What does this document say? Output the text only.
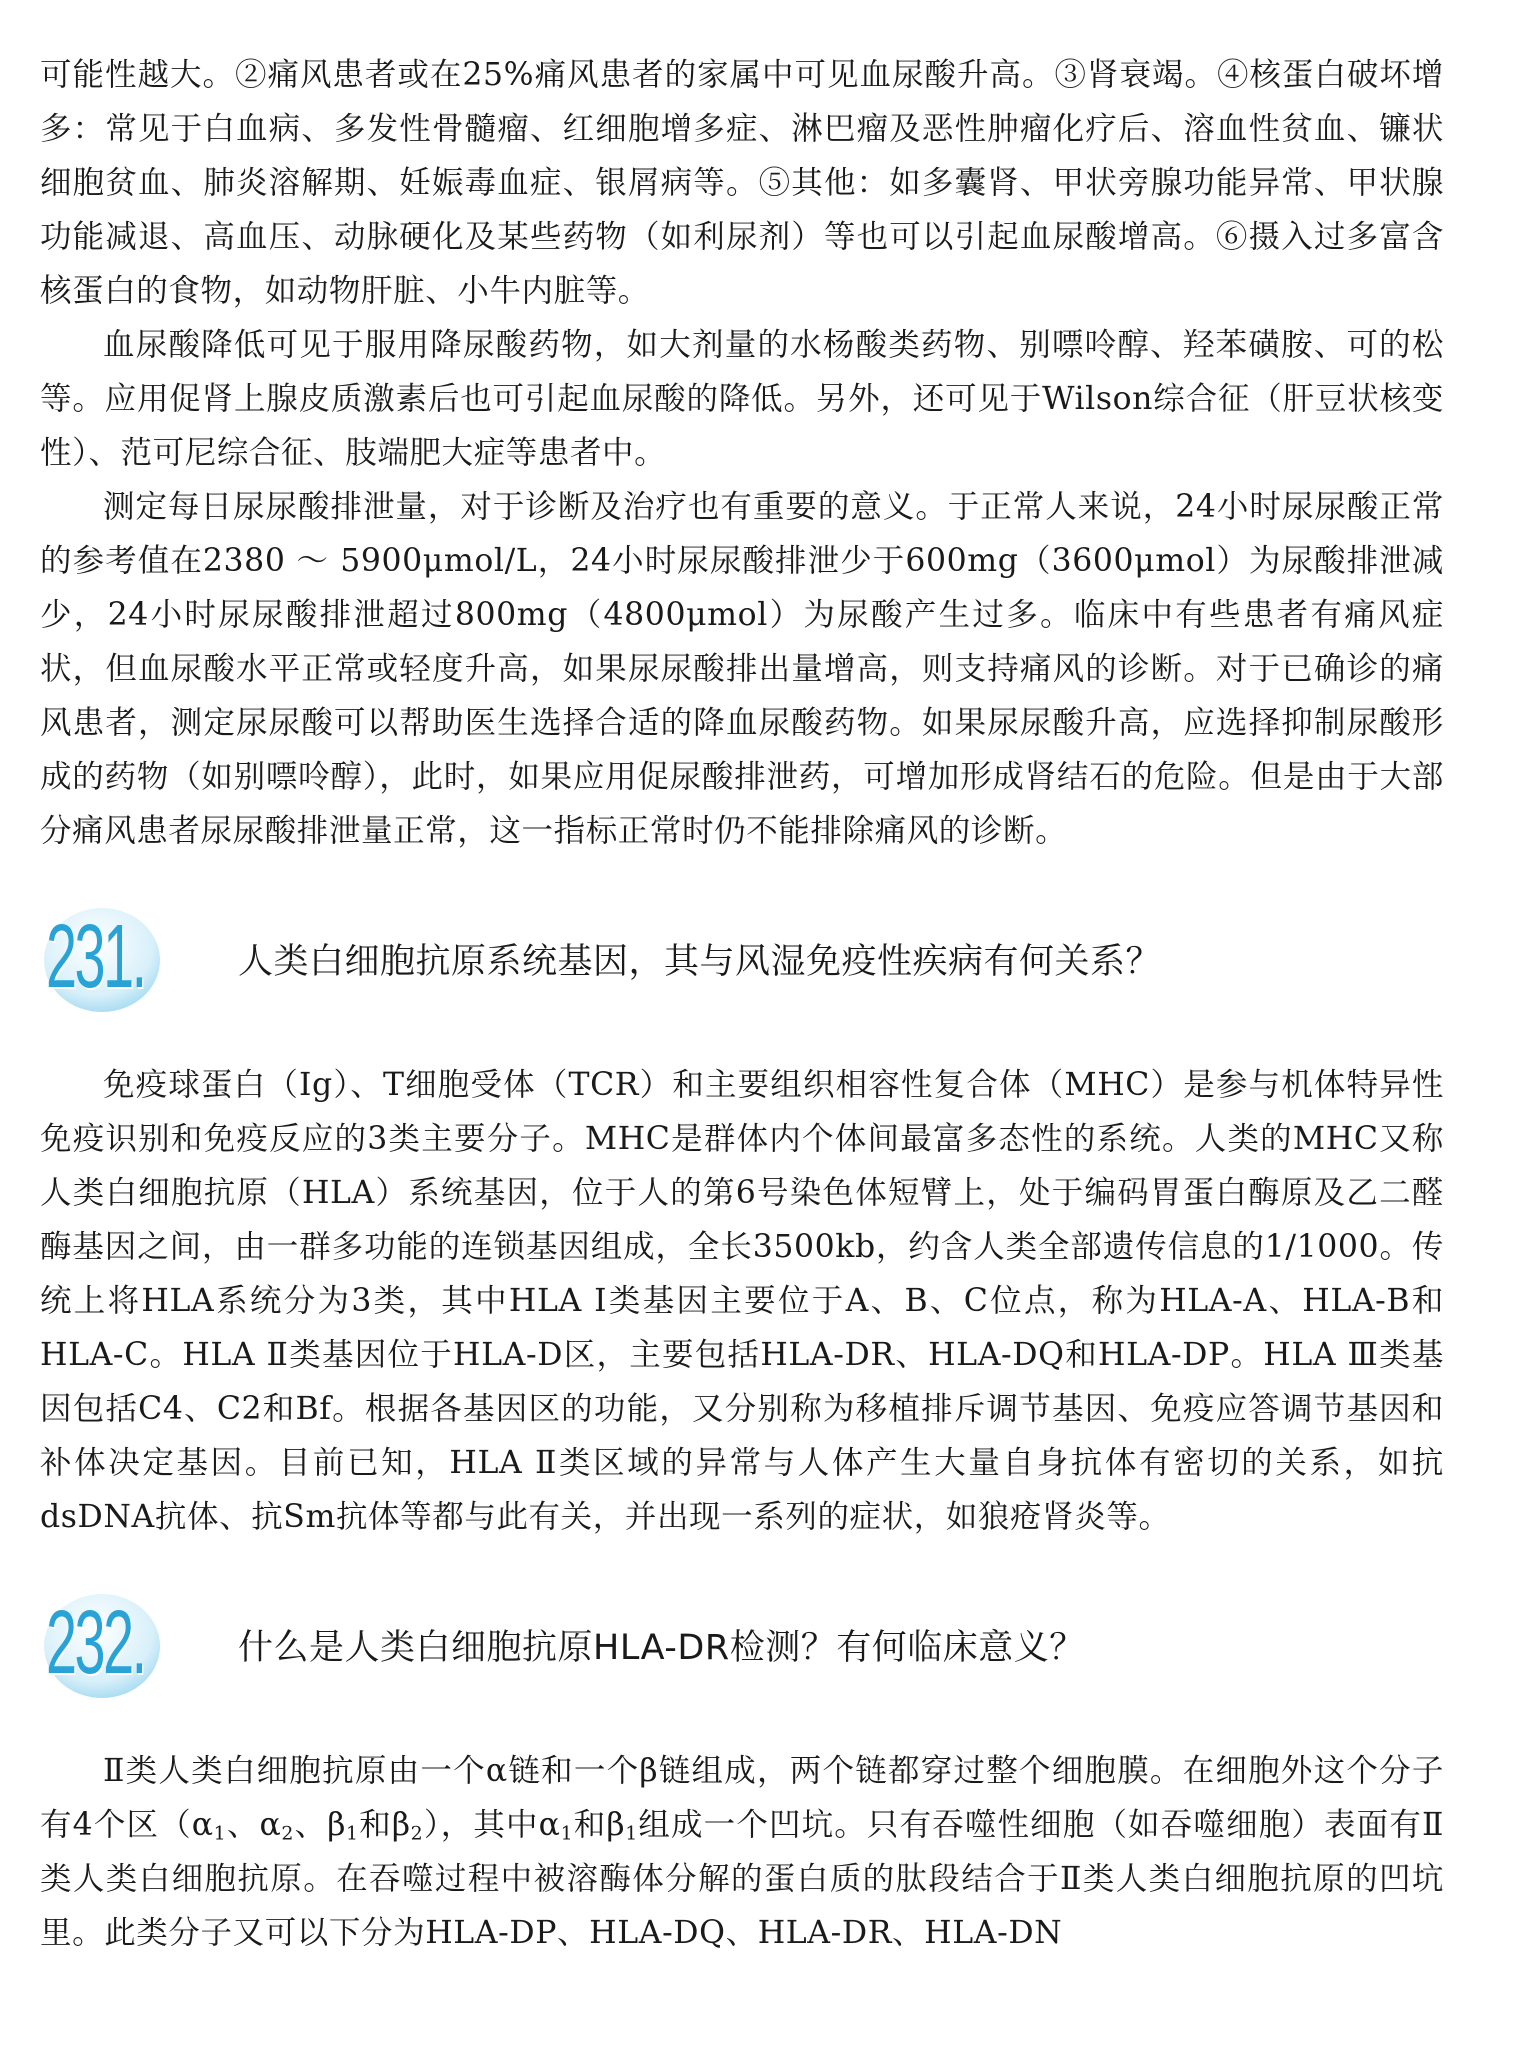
可能性越大。②痛风患者或在25%痛风患者的家属中可见血尿酸升高。③肾衰竭。④核蛋白破坏增多：常见于白血病、多发性骨髓瘤、红细胞增多症、淋巴瘤及恶性肿瘤化疗后、溶血性贫血、镰状细胞贫血、肺炎溶解期、妊娠毒血症、银屑病等。⑤其他：如多囊肾、甲状旁腺功能异常、甲状腺功能减退、高血压、动脉硬化及某些药物（如利尿剂）等也可以引起血尿酸增高。⑥摄入过多富含核蛋白的食物，如动物肝脏、小牛内脏等。

血尿酸降低可见于服用降尿酸药物，如大剂量的水杨酸类药物、别嘌呤醇、羟苯磺胺、可的松等。应用促肾上腺皮质激素后也可引起血尿酸的降低。另外，还可见于Wilson综合征（肝豆状核变性）、范可尼综合征、肢端肥大症等患者中。

测定每日尿尿酸排泄量，对于诊断及治疗也有重要的意义。于正常人来说，24小时尿尿酸正常的参考值在2380 ～ 5900μmol/L，24小时尿尿酸排泄少于600mg（3600μmol）为尿酸排泄减少，24小时尿尿酸排泄超过800mg（4800μmol）为尿酸产生过多。临床中有些患者有痛风症状，但血尿酸水平正常或轻度升高，如果尿尿酸排出量增高，则支持痛风的诊断。对于已确诊的痛风患者，测定尿尿酸可以帮助医生选择合适的降血尿酸药物。如果尿尿酸升高，应选择抑制尿酸形成的药物（如别嘌呤醇），此时，如果应用促尿酸排泄药，可增加形成肾结石的危险。但是由于大部分痛风患者尿尿酸排泄量正常，这一指标正常时仍不能排除痛风的诊断。

231.	人类白细胞抗原系统基因，其与风湿免疫性疾病有何关系？

免疫球蛋白（Ig）、T细胞受体（TCR）和主要组织相容性复合体（MHC）是参与机体特异性免疫识别和免疫反应的3类主要分子。MHC是群体内个体间最富多态性的系统。人类的MHC又称人类白细胞抗原（HLA）系统基因，位于人的第6号染色体短臂上，处于编码胃蛋白酶原及乙二醛酶基因之间，由一群多功能的连锁基因组成，全长3500kb，约含人类全部遗传信息的1/1000。传统上将HLA系统分为3类，其中HLA Ⅰ类基因主要位于A、B、C位点，称为HLA-A、HLA-B和HLA-C。HLA Ⅱ类基因位于HLA-D区，主要包括HLA-DR、HLA-DQ和HLA-DP。HLA Ⅲ类基因包括C4、C2和Bf。根据各基因区的功能，又分别称为移植排斥调节基因、免疫应答调节基因和补体决定基因。目前已知，HLA Ⅱ类区域的异常与人体产生大量自身抗体有密切的关系，如抗dsDNA抗体、抗Sm抗体等都与此有关，并出现一系列的症状，如狼疮肾炎等。

232.	什么是人类白细胞抗原HLA-DR检测？有何临床意义？

Ⅱ类人类白细胞抗原由一个α链和一个β链组成，两个链都穿过整个细胞膜。在细胞外这个分子有4个区（$\alpha_1$、$\alpha_2$、$\beta_1$和$\beta_2$），其中$\alpha_1$和$\beta_1$组成一个凹坑。只有吞噬性细胞（如吞噬细胞）表面有Ⅱ类人类白细胞抗原。在吞噬过程中被溶酶体分解的蛋白质的肽段结合于Ⅱ类人类白细胞抗原的凹坑里。此类分子又可以下分为HLA-DP、HLA-DQ、HLA-DR、HLA-DN
